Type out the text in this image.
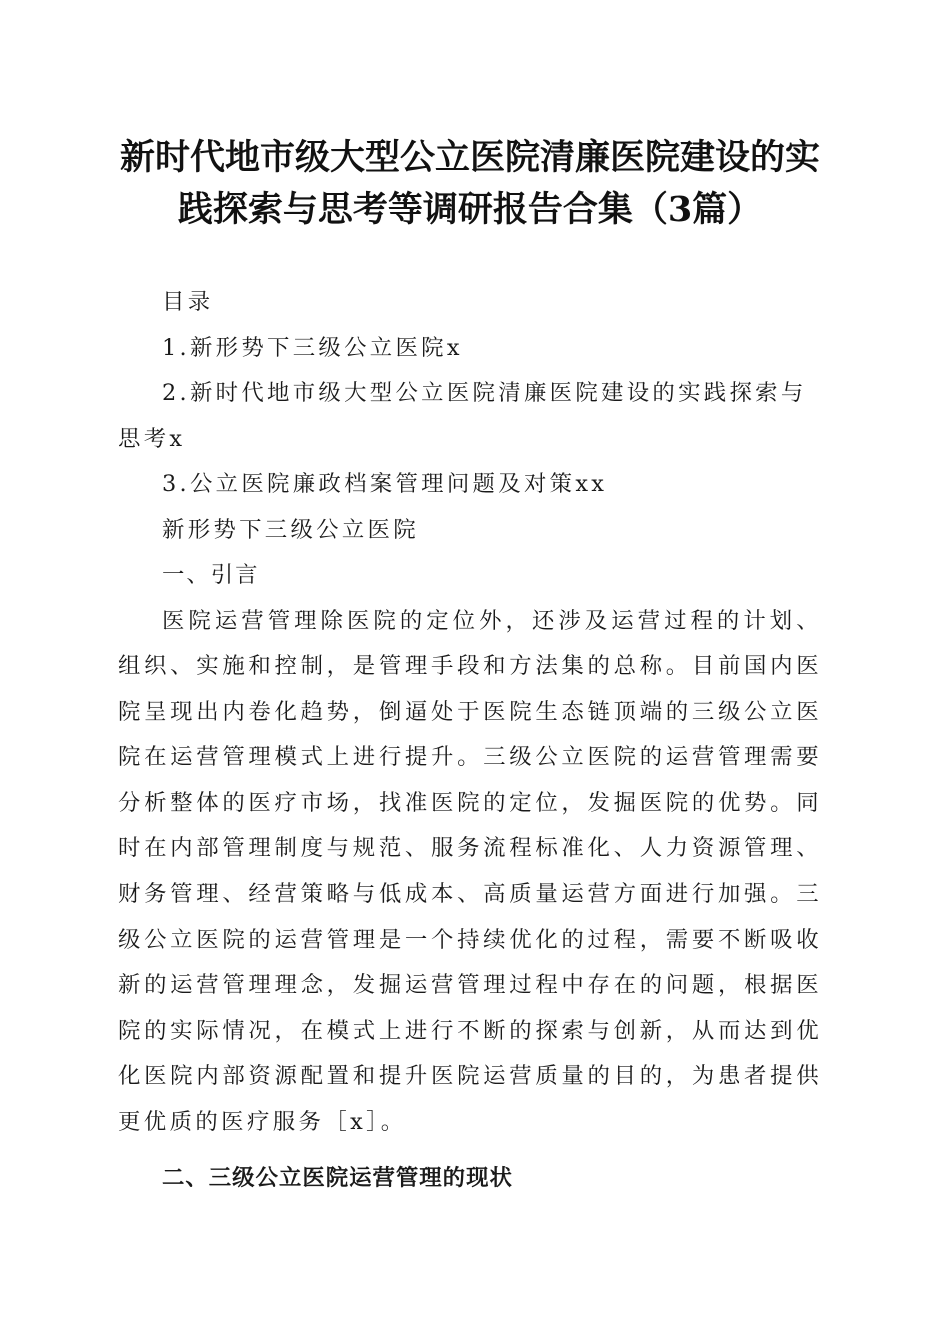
新时代地市级大型公立医院清廉医院建设的实
践探索与思考等调研报告合集（3篇）

目录

1.新形势下三级公立医院x

2.新时代地市级大型公立医院清廉医院建设的实践探索与思考x

3.公立医院廉政档案管理问题及对策xx

新形势下三级公立医院

一、引言

医院运营管理除医院的定位外，还涉及运营过程的计划、组织、实施和控制，是管理手段和方法集的总称。目前国内医院呈现出内卷化趋势，倒逼处于医院生态链顶端的三级公立医院在运营管理模式上进行提升。三级公立医院的运营管理需要分析整体的医疗市场，找准医院的定位，发掘医院的优势。同时在内部管理制度与规范、服务流程标准化、人力资源管理、财务管理、经营策略与低成本、高质量运营方面进行加强。三级公立医院的运营管理是一个持续优化的过程，需要不断吸收新的运营管理理念，发掘运营管理过程中存在的问题，根据医院的实际情况，在模式上进行不断的探索与创新，从而达到优化医院内部资源配置和提升医院运营质量的目的，为患者提供更优质的医疗服务［x］。

二、三级公立医院运营管理的现状
